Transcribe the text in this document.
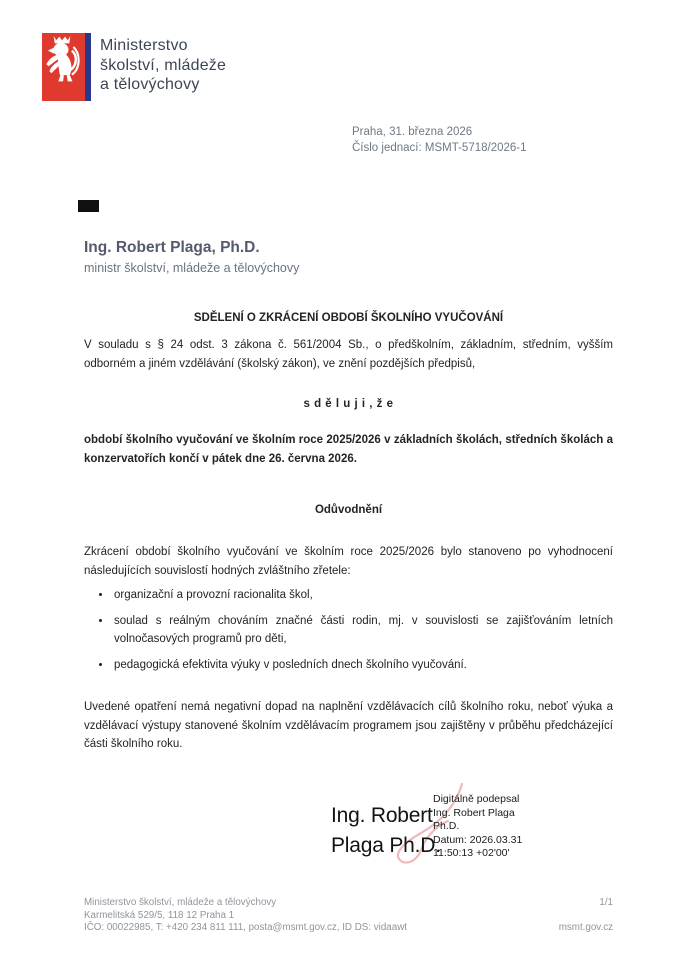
Ministerstvo
školství, mládeže
a tělovýchovy
Praha, 31. března 2026
Číslo jednací: MSMT-5718/2026-1
Ing. Robert Plaga, Ph.D.
ministr školství, mládeže a tělovýchovy
SDĚLENÍ O ZKRÁCENÍ OBDOBÍ ŠKOLNÍHO VYUČOVÁNÍ
V souladu s § 24 odst. 3 zákona č. 561/2004 Sb., o předškolním, základním, středním, vyšším odborném a jiném vzdělávání (školský zákon), ve znění pozdějších předpisů,
s d ě l u j i , ž e
období školního vyučování ve školním roce 2025/2026 v základních školách, středních školách a konzervatořích končí v pátek dne 26. června 2026.
Odůvodnění
Zkrácení období školního vyučování ve školním roce 2025/2026 bylo stanoveno po vyhodnocení následujících souvislostí hodných zvláštního zřetele:
• organizační a provozní racionalita škol,
• soulad s reálným chováním značné části rodin, mj. v souvislosti se zajišťováním letních volnočasových programů pro děti,
• pedagogická efektivita výuky v posledních dnech školního vyučování.
Uvedené opatření nemá negativní dopad na naplnění vzdělávacích cílů školního roku, neboť výuka a vzdělávací výstupy stanovené školním vzdělávacím programem jsou zajištěny v průběhu předcházející části školního roku.
Ing. Robert
Plaga Ph.D.
Digitálně podepsal
Ing. Robert Plaga
Ph.D.
Datum: 2026.03.31
11:50:13 +02'00'
Ministerstvo školství, mládeže a tělovýchovy
Karmelitská 529/5, 118 12 Praha 1
IČO: 00022985, T: +420 234 811 111, posta@msmt.gov.cz, ID DS: vidaawt
1/1
msmt.gov.cz
